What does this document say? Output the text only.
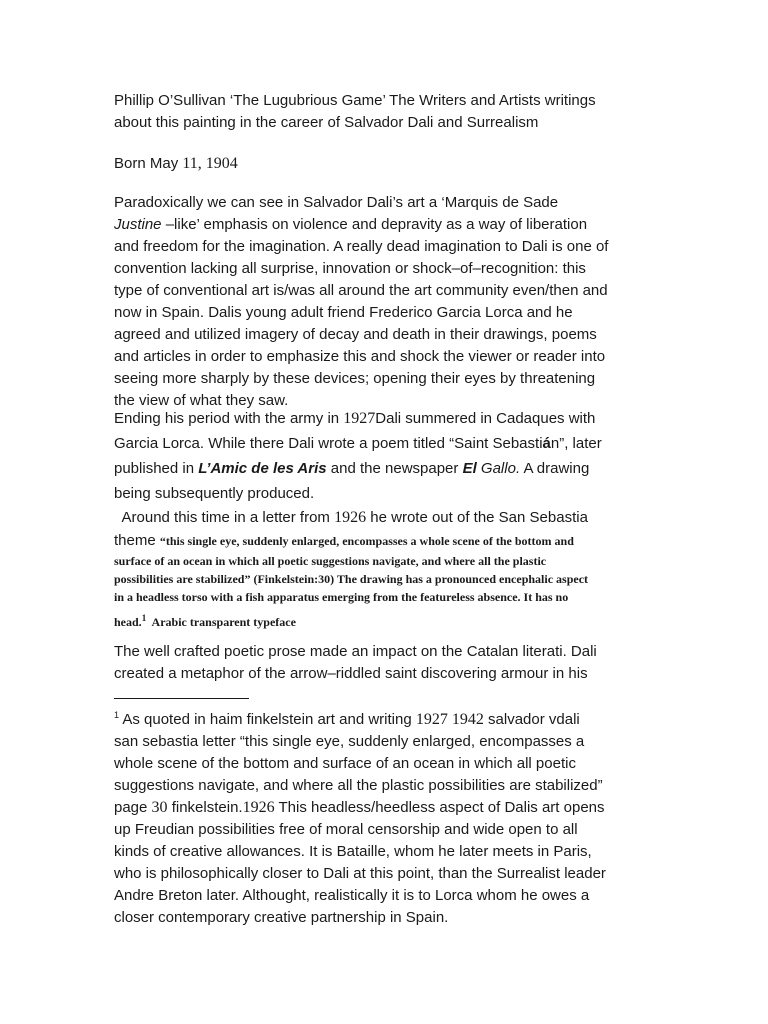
Phillip O’Sullivan ‘The Lugubrious Game’ The Writers and Artists writings
about this painting in the career of Salvador Dali and Surrealism
Born May 11, 1904
Paradoxically we can see in Salvador Dali’s art a ‘Marquis de Sade
Justine –like’ emphasis on violence and depravity as a way of liberation
and freedom for the imagination. A really dead imagination to Dali is one of
convention lacking all surprise, innovation or shock–of–recognition: this
type of conventional art is/was all around the art community even/then and
now in Spain. Dalis young adult friend Frederico Garcia Lorca and he
agreed and utilized imagery of decay and death in their drawings, poems
and articles in order to emphasize this and shock the viewer or reader into
seeing more sharply by these devices; opening their eyes by threatening
the view of what they saw.
Ending his period with the army in 1927Dali summered in Cadaques with
Garcia Lorca. While there Dali wrote a poem titled “Saint Sebastián”, later
published in L’Amic de les Aris and the newspaper El Gallo. A drawing
being subsequently produced.
Around this time in a letter from 1926 he wrote out of the San Sebastia
theme “this single eye, suddenly enlarged, encompasses a whole scene of the bottom and
surface of an ocean in which all poetic suggestions navigate, and where all the plastic
possibilities are stabilized” (Finkelstein:30) The drawing has a pronounced encephalic aspect
in a headless torso with a fish apparatus emerging from the featureless absence. It has no
head.$^1$  Arabic transparent typeface
The well crafted poetic prose made an impact on the Catalan literati. Dali
created a metaphor of the arrow–riddled saint discovering armour in his
$^1$ As quoted in haim finkelstein art and writing 1927 1942 salvador vdali
san sebastia letter “this single eye, suddenly enlarged, encompasses a
whole scene of the bottom and surface of an ocean in which all poetic
suggestions navigate, and where all the plastic possibilities are stabilized”
page 30 finkelstein.1926 This headless/heedless aspect of Dalis art opens
up Freudian possibilities free of moral censorship and wide open to all
kinds of creative allowances. It is Bataille, whom he later meets in Paris,
who is philosophically closer to Dali at this point, than the Surrealist leader
Andre Breton later. Althought, realistically it is to Lorca whom he owes a
closer contemporary creative partnership in Spain.
